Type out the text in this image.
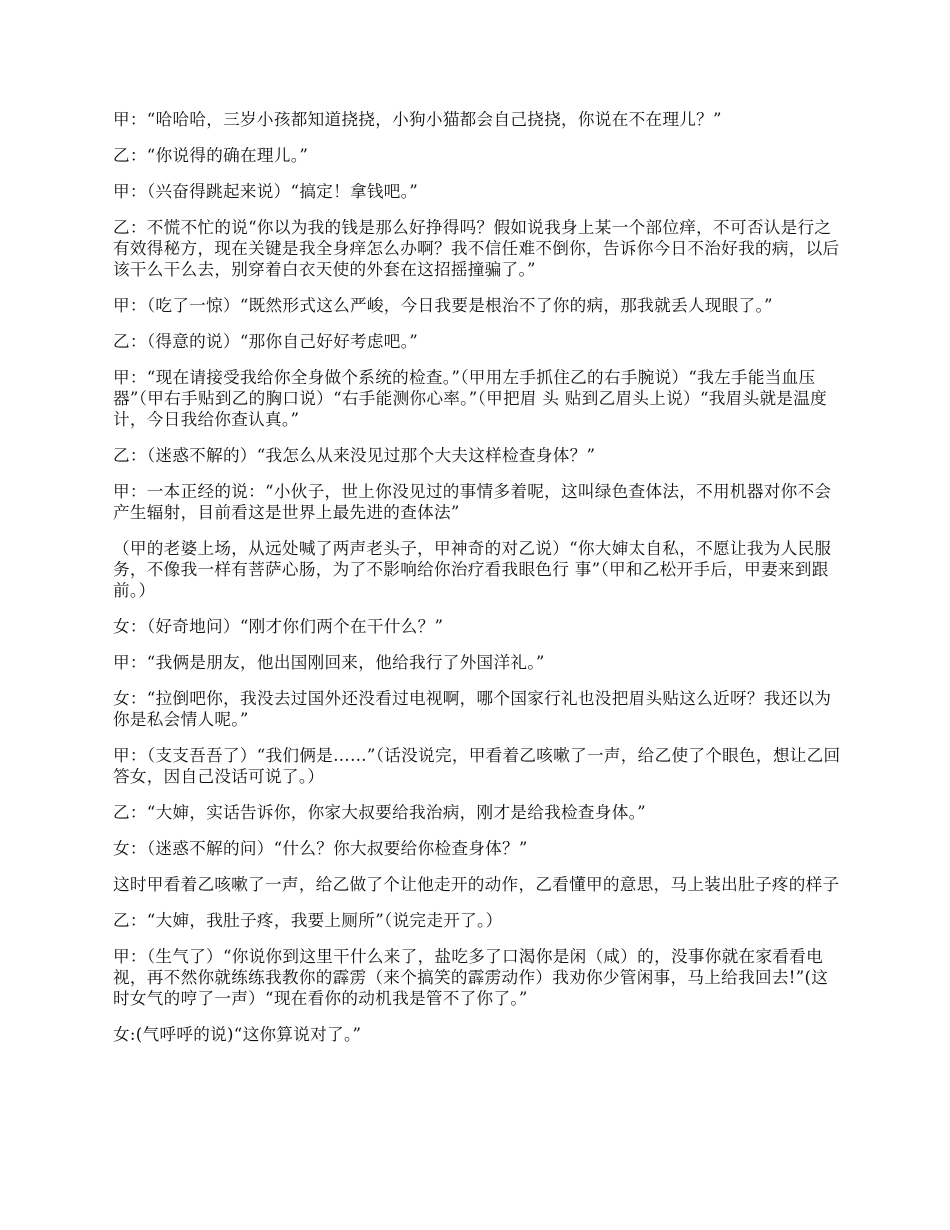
甲：“哈哈哈，三岁小孩都知道挠挠，小狗小猫都会自己挠挠，你说在不在理儿？”

乙：“你说得的确在理儿。”

甲：（兴奋得跳起来说）“搞定！拿钱吧。”

乙：不慌不忙的说“你以为我的钱是那么好挣得吗？假如说我身上某一个部位痒，不可否认是行之有效得秘方，现在关键是我全身痒怎么办啊？我不信任难不倒你，告诉你今日不治好我的病，以后该干么干么去，别穿着白衣天使的外套在这招摇撞骗了。”

甲：（吃了一惊）“既然形式这么严峻，今日我要是根治不了你的病，那我就丢人现眼了。”

乙：（得意的说）“那你自己好好考虑吧。”

甲：“现在请接受我给你全身做个系统的检查。”（甲用左手抓住乙的右手腕说）“我左手能当血压器”（甲右手贴到乙的胸口说）“右手能测你心率。”（甲把眉 头 贴到乙眉头上说）“我眉头就是温度计，今日我给你查认真。”

乙：（迷惑不解的）“我怎么从来没见过那个大夫这样检查身体？”

甲：一本正经的说：“小伙子，世上你没见过的事情多着呢，这叫绿色查体法，不用机器对你不会产生辐射，目前看这是世界上最先进的查体法”

（甲的老婆上场，从远处喊了两声老头子，甲神奇的对乙说）“你大婶太自私，不愿让我为人民服务，不像我一样有菩萨心肠，为了不影响给你治疗看我眼色行 事”（甲和乙松开手后，甲妻来到跟前。）

女：（好奇地问）“刚才你们两个在干什么？”

甲：“我俩是朋友，他出国刚回来，他给我行了外国洋礼。”

女：“拉倒吧你，我没去过国外还没看过电视啊，哪个国家行礼也没把眉头贴这么近呀？我还以为你是私会情人呢。”

甲：（支支吾吾了）“我们俩是……”（话没说完，甲看着乙咳嗽了一声，给乙使了个眼色，想让乙回答女，因自己没话可说了。）

乙：“大婶，实话告诉你，你家大叔要给我治病，刚才是给我检查身体。”

女：（迷惑不解的问）“什么？你大叔要给你检查身体？”

这时甲看着乙咳嗽了一声，给乙做了个让他走开的动作，乙看懂甲的意思，马上装出肚子疼的样子

乙：“大婶，我肚子疼，我要上厕所”（说完走开了。）

甲：（生气了）“你说你到这里干什么来了，盐吃多了口渴你是闲（咸）的，没事你就在家看看电视，再不然你就练练我教你的霹雳（来个搞笑的霹雳动作）我劝你少管闲事，马上给我回去!”(这时女气的哼了一声）“现在看你的动机我是管不了你了。”

女:(气呼呼的说)“这你算说对了。”
